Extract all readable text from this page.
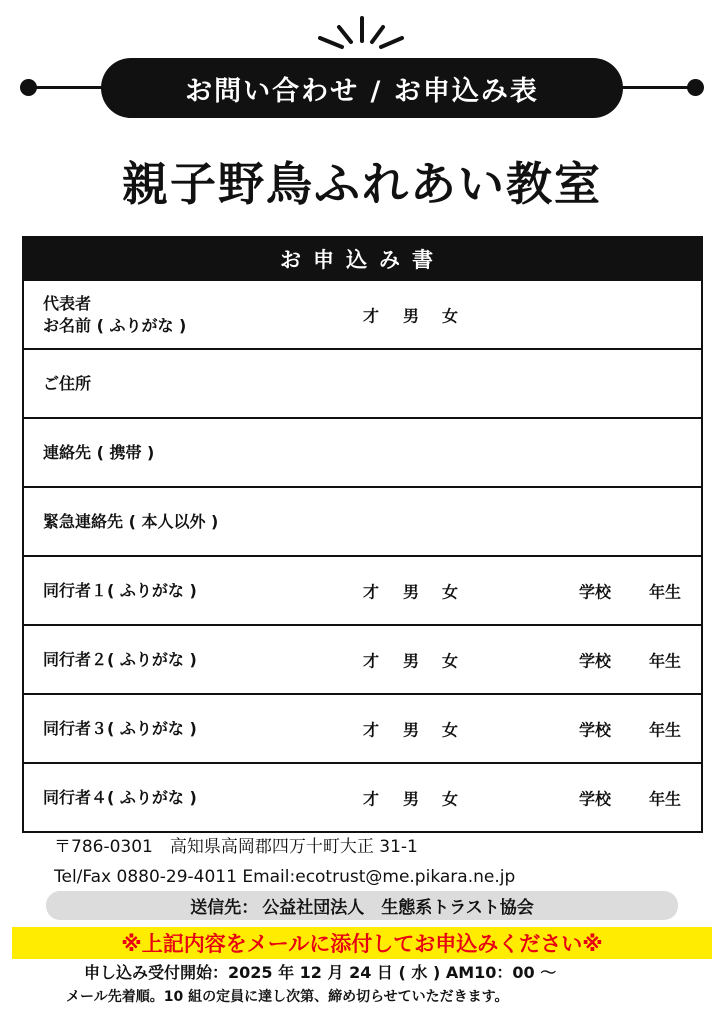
お問い合わせ / お申込み表
親子野鳥ふれあい教室
お申込み書
代表者
お名前 ( ふりがな )	才 男 女
ご住所
連絡先 ( 携帯 )
緊急連絡先 ( 本人以外 )
同行者１( ふりがな )	才 男 女	学校 年生
同行者２( ふりがな )	才 男 女	学校 年生
同行者３( ふりがな )	才 男 女	学校 年生
同行者４( ふりがな )	才 男 女	学校 年生
〒786-0301　高知県高岡郡四万十町大正 31-1
Tel/Fax 0880-29-4011 Email:ecotrust@me.pikara.ne.jp
送信先： 公益社団法人　生態系トラスト協会
※上記内容をメールに添付してお申込みください※
申し込み受付開始：2025 年 12 月 24 日 ( 水 ) AM10：00 〜
メール先着順。10 組の定員に達し次第、締め切らせていただきます。
